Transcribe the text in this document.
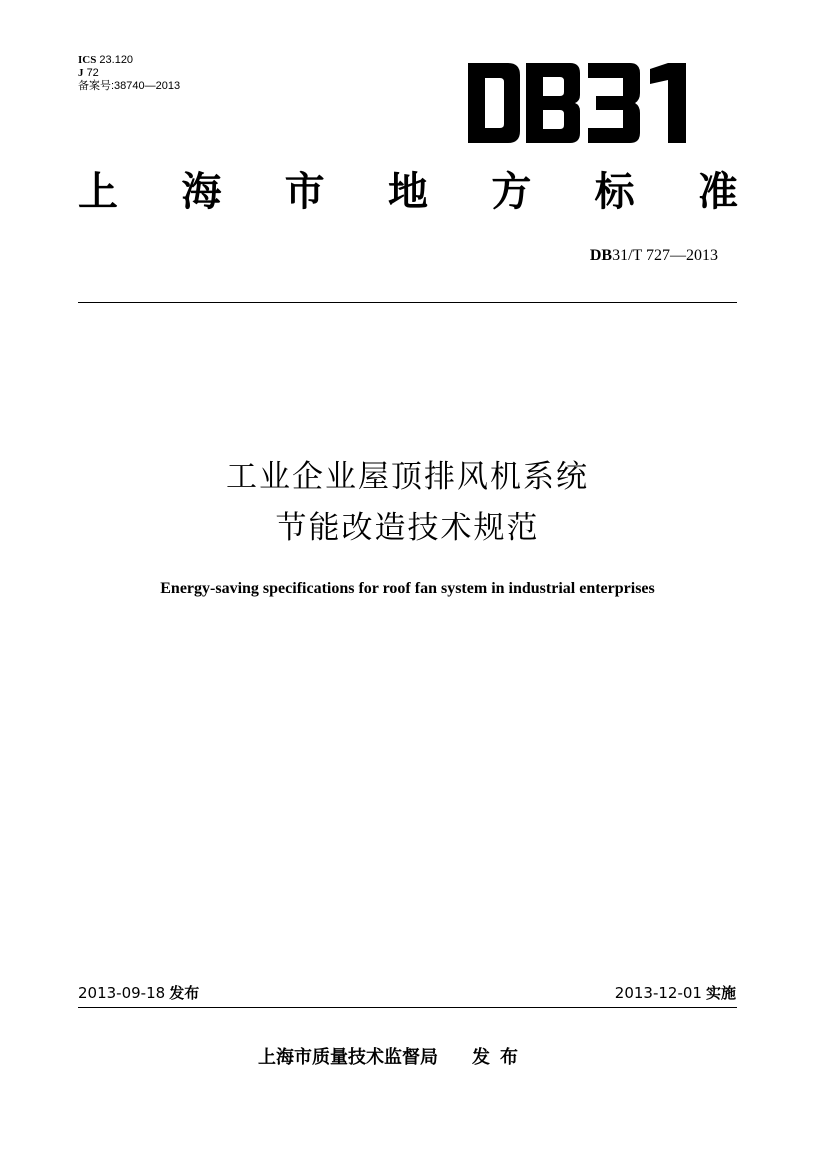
ICS 23.120
J 72
备案号:38740—2013
上 海 市 地 方 标 准
DB31/T 727—2013
工业企业屋顶排风机系统
节能改造技术规范
Energy-saving specifications for roof fan system in industrial enterprises
2013-09-18 发布	2013-12-01 实施
上海市质量技术监督局 发布
